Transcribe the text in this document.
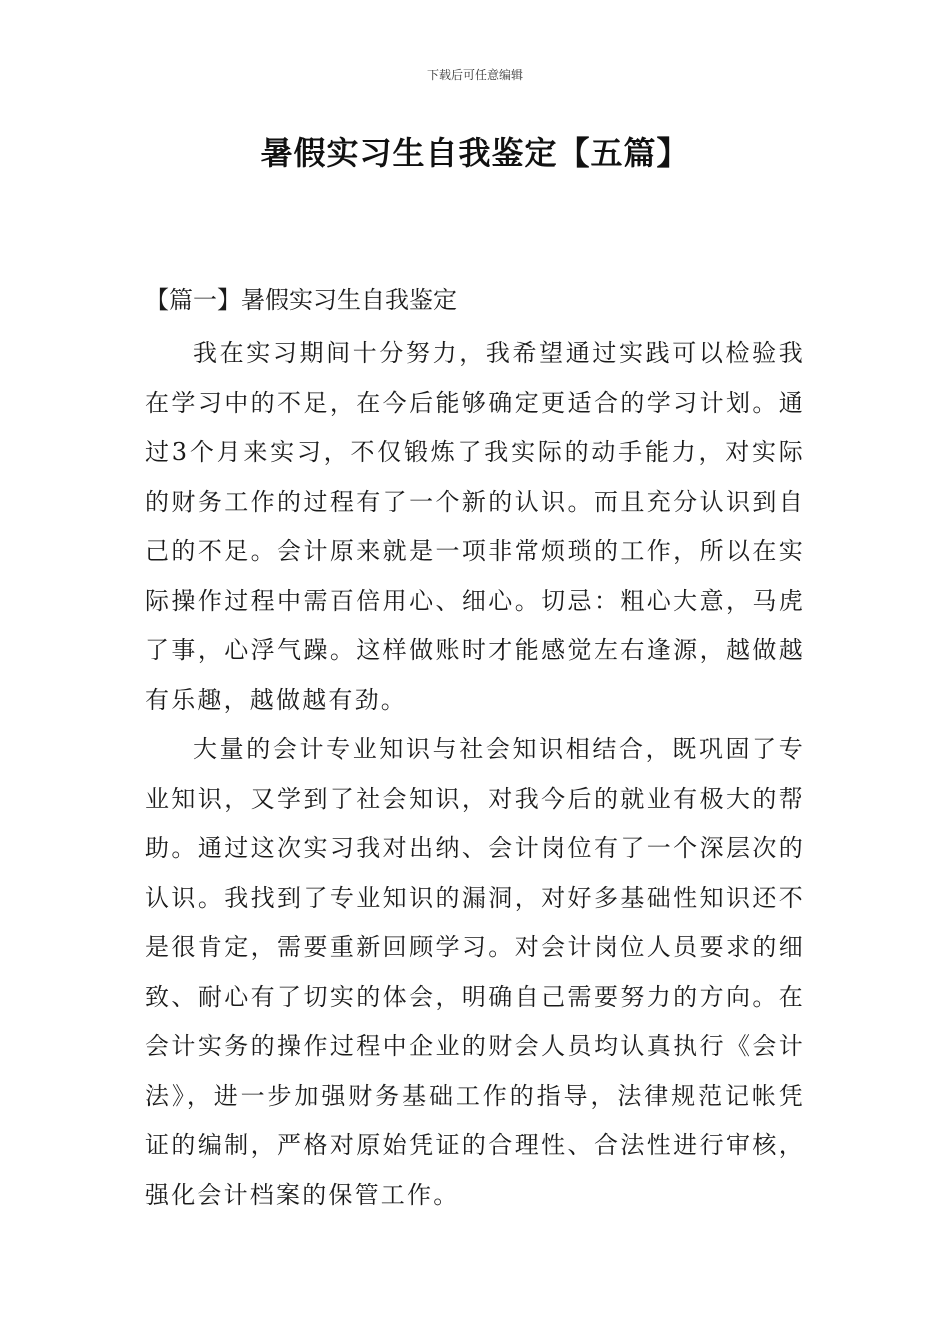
下载后可任意编辑
暑假实习生自我鉴定【五篇】
【篇一】暑假实习生自我鉴定

我在实习期间十分努力，我希望通过实践可以检验我在学习中的不足，在今后能够确定更适合的学习计划。通过3个月来实习，不仅锻炼了我实际的动手能力，对实际的财务工作的过程有了一个新的认识。而且充分认识到自己的不足。会计原来就是一项非常烦琐的工作，所以在实际操作过程中需百倍用心、细心。切忌：粗心大意，马虎了事，心浮气躁。这样做账时才能感觉左右逢源，越做越有乐趣，越做越有劲。

大量的会计专业知识与社会知识相结合，既巩固了专业知识，又学到了社会知识，对我今后的就业有极大的帮助。通过这次实习我对出纳、会计岗位有了一个深层次的认识。我找到了专业知识的漏洞，对好多基础性知识还不是很肯定，需要重新回顾学习。对会计岗位人员要求的细致、耐心有了切实的体会，明确自己需要努力的方向。在会计实务的操作过程中企业的财会人员均认真执行《会计法》，进一步加强财务基础工作的指导，法律规范记帐凭证的编制，严格对原始凭证的合理性、合法性进行审核，强化会计档案的保管工作。
